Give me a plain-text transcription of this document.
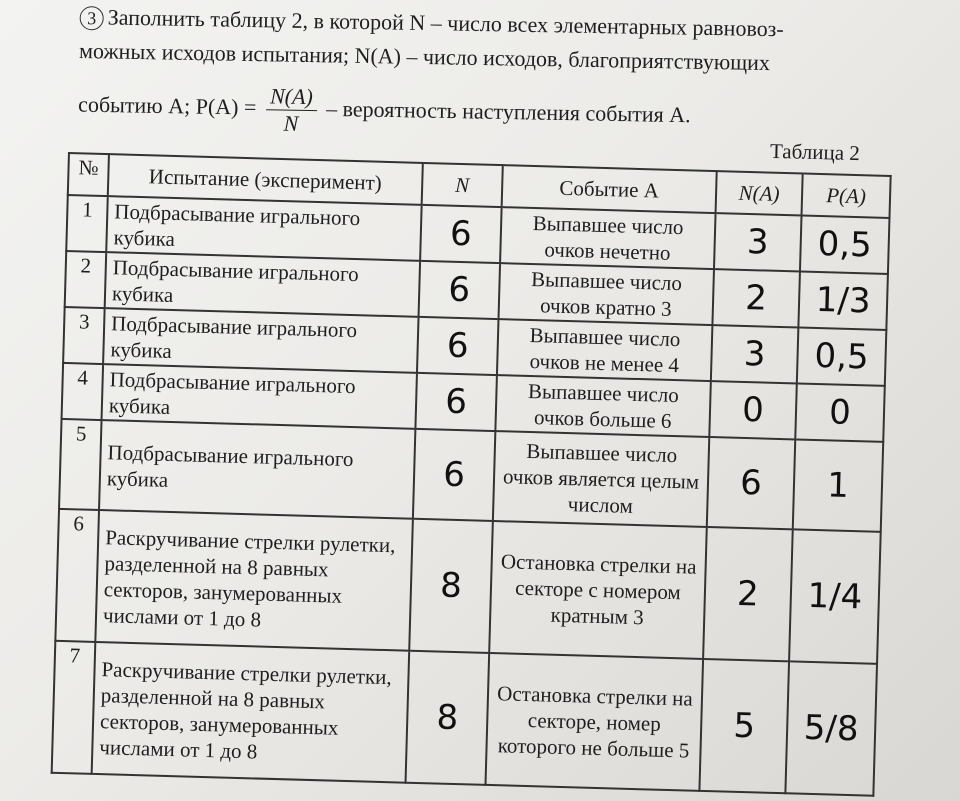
3 Заполнить таблицу 2, в которой N – число всех элементарных равновоз-

можных исходов испытания; N(A) – число исходов, благоприятствующих

событию A; $P(A) = \frac{N(A)}{N}$ – вероятность наступления события A.

Таблица 2
№	Испытание (эксперимент)	N	Событие A	N(A)	P(A)
1	Подбрасывание игрального кубика	6	Выпавшее число очков нечетно	3	0,5
2	Подбрасывание игрального кубика	6	Выпавшее число очков кратно 3	2	1/3
3	Подбрасывание игрального кубика	6	Выпавшее число очков не менее 4	3	0,5
4	Подбрасывание игрального кубика	6	Выпавшее число очков больше 6	0	0
5	Подбрасывание игрального кубика	6	Выпавшее число очков является целым числом	6	1
6	Раскручивание стрелки рулетки, разделенной на 8 равных секторов, занумерованных числами от 1 до 8	8	Остановка стрелки на секторе с номером кратным 3	2	1/4
7	Раскручивание стрелки рулетки, разделенной на 8 равных секторов, занумерованных числами от 1 до 8	8	Остановка стрелки на секторе, номер которого не больше 5	5	5/8
